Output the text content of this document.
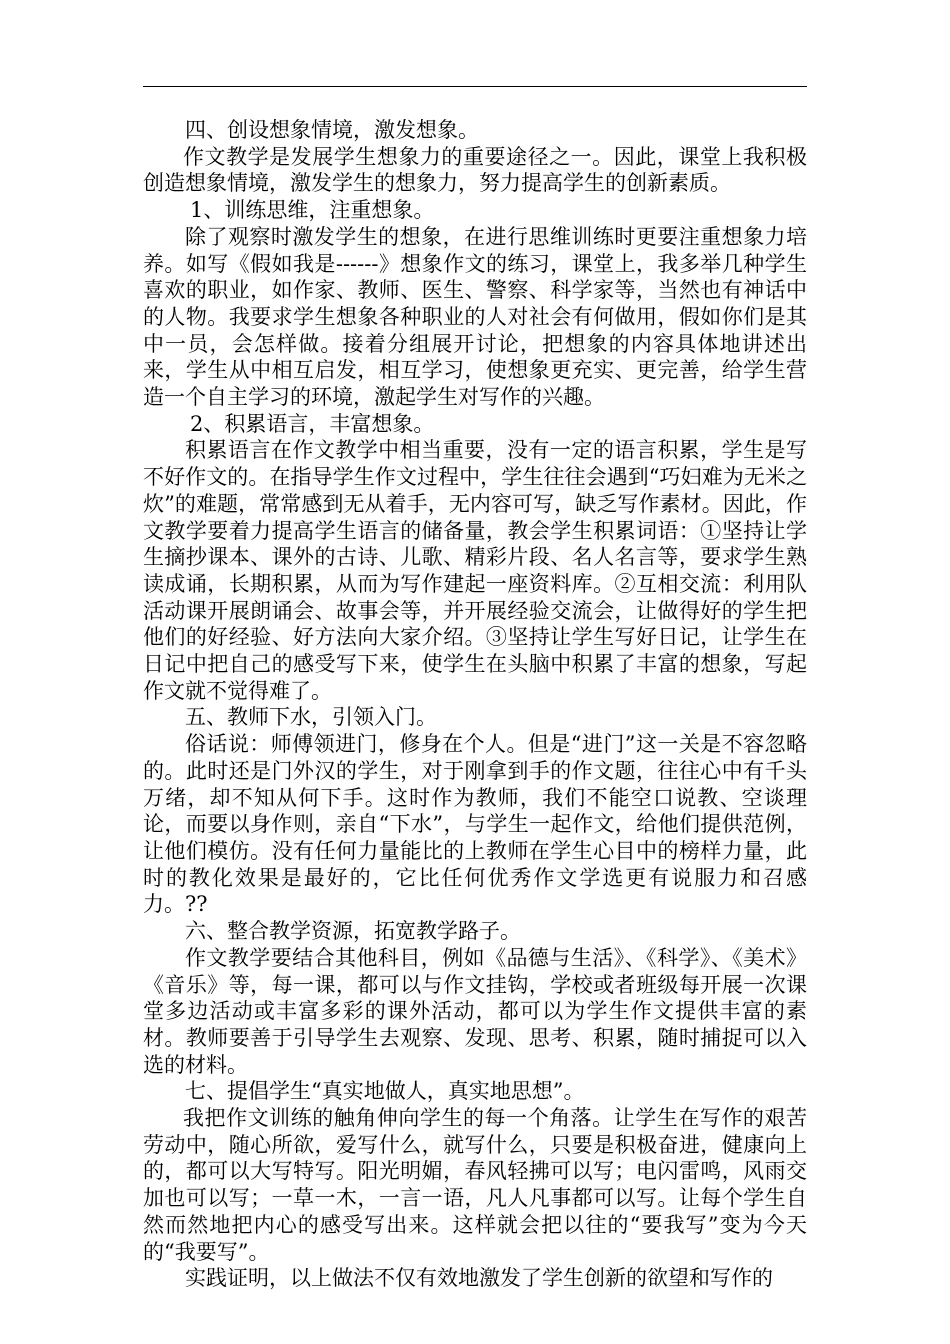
四、创设想象情境，激发想象。

作文教学是发展学生想象力的重要途径之一。因此，课堂上我积极创造想象情境，激发学生的想象力，努力提高学生的创新素质。

1、训练思维，注重想象。

除了观察时激发学生的想象，在进行思维训练时更要注重想象力培养。如写《假如我是------》想象作文的练习，课堂上，我多举几种学生喜欢的职业，如作家、教师、医生、警察、科学家等，当然也有神话中的人物。我要求学生想象各种职业的人对社会有何做用，假如你们是其中一员，会怎样做。接着分组展开讨论，把想象的内容具体地讲述出来，学生从中相互启发，相互学习，使想象更充实、更完善，给学生营造一个自主学习的环境，激起学生对写作的兴趣。

2、积累语言，丰富想象。

积累语言在作文教学中相当重要，没有一定的语言积累，学生是写不好作文的。在指导学生作文过程中，学生往往会遇到“巧妇难为无米之炊”的难题，常常感到无从着手，无内容可写，缺乏写作素材。因此，作文教学要着力提高学生语言的储备量，教会学生积累词语：①坚持让学生摘抄课本、课外的古诗、儿歌、精彩片段、名人名言等，要求学生熟读成诵，长期积累，从而为写作建起一座资料库。②互相交流：利用队活动课开展朗诵会、故事会等，并开展经验交流会，让做得好的学生把他们的好经验、好方法向大家介绍。③坚持让学生写好日记，让学生在日记中把自己的感受写下来，使学生在头脑中积累了丰富的想象，写起作文就不觉得难了。

五、教师下水，引领入门。

俗话说：师傅领进门，修身在个人。但是“进门”这一关是不容忽略的。此时还是门外汉的学生，对于刚拿到手的作文题，往往心中有千头万绪，却不知从何下手。这时作为教师，我们不能空口说教、空谈理论，而要以身作则，亲自“下水”，与学生一起作文，给他们提供范例，让他们模仿。没有任何力量能比的上教师在学生心目中的榜样力量，此时的教化效果是最好的，它比任何优秀作文学选更有说服力和召感力。??

六、整合教学资源，拓宽教学路子。

作文教学要结合其他科目，例如《品德与生活》、《科学》、《美术》《音乐》等，每一课，都可以与作文挂钩，学校或者班级每开展一次课堂多边活动或丰富多彩的课外活动，都可以为学生作文提供丰富的素材。教师要善于引导学生去观察、发现、思考、积累，随时捕捉可以入选的材料。

七、提倡学生“真实地做人，真实地思想”。

我把作文训练的触角伸向学生的每一个角落。让学生在写作的艰苦劳动中，随心所欲，爱写什么，就写什么，只要是积极奋进，健康向上的，都可以大写特写。阳光明媚，春风轻拂可以写；电闪雷鸣，风雨交加也可以写；一草一木，一言一语，凡人凡事都可以写。让每个学生自然而然地把内心的感受写出来。这样就会把以往的“要我写”变为今天的“我要写”。

实践证明，以上做法不仅有效地激发了学生创新的欲望和写作的
